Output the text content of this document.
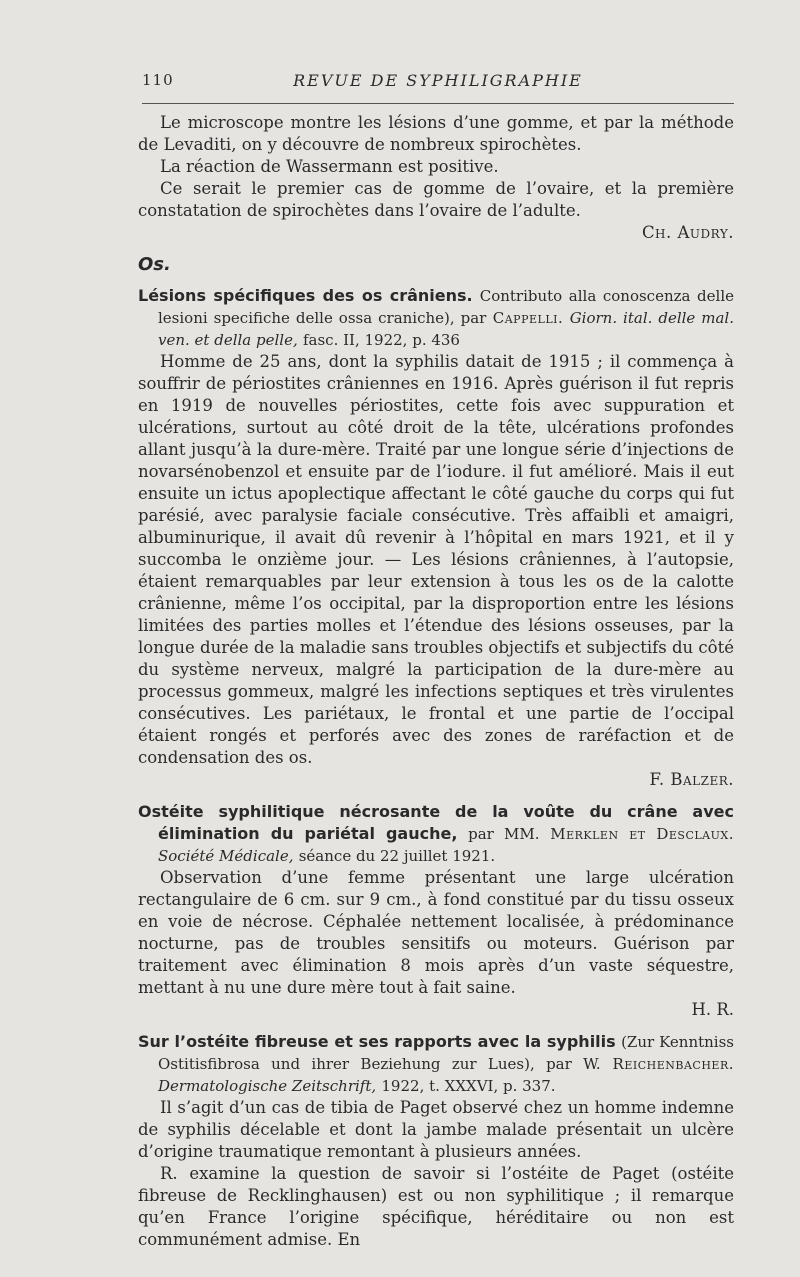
110	REVUE DE SYPHILIGRAPHIE

Le microscope montre les lésions d’une gomme, et par la méthode de Levaditi, on y découvre de nombreux spirochètes.

La réaction de Wassermann est positive.

Ce serait le premier cas de gomme de l’ovaire, et la première constatation de spirochètes dans l’ovaire de l’adulte.

Ch. Audry.

Os.

Lésions spécifiques des os crâniens. Contributo alla conoscenza delle lesioni specifiche delle ossa craniche), par Cappelli. Giorn. ital. delle mal. ven. et della pelle, fasc. II, 1922, p. 436

Homme de 25 ans, dont la syphilis datait de 1915 ; il commença à souffrir de périostites crâniennes en 1916. Après guérison il fut repris en 1919 de nouvelles périostites, cette fois avec suppuration et ulcérations, surtout au côté droit de la tête, ulcérations profondes allant jusqu’à la dure-mère. Traité par une longue série d’injections de novarsénobenzol et ensuite par de l’iodure. il fut amélioré. Mais il eut ensuite un ictus apoplectique affectant le côté gauche du corps qui fut parésié, avec paralysie faciale consécutive. Très affaibli et amaigri, albuminurique, il avait dû revenir à l’hôpital en mars 1921, et il y succomba le onzième jour. — Les lésions crâniennes, à l’autopsie, étaient remarquables par leur extension à tous les os de la calotte crânienne, même l’os occipital, par la disproportion entre les lésions limitées des parties molles et l’étendue des lésions osseuses, par la longue durée de la maladie sans troubles objectifs et subjectifs du côté du système nerveux, malgré la participation de la dure-mère au processus gommeux, malgré les infections septiques et très virulentes consécutives. Les pariétaux, le frontal et une partie de l’occipal étaient rongés et perforés avec des zones de raréfaction et de condensation des os.

F. Balzer.

Ostéite syphilitique nécrosante de la voûte du crâne avec élimination du pariétal gauche, par MM. Merklen et Desclaux. Société Médicale, séance du 22 juillet 1921.

Observation d’une femme présentant une large ulcération rectangulaire de 6 cm. sur 9 cm., à fond constitué par du tissu osseux en voie de nécrose. Céphalée nettement localisée, à prédominance nocturne, pas de troubles sensitifs ou moteurs. Guérison par traitement avec élimination 8 mois après d’un vaste séquestre, mettant à nu une dure mère tout à fait saine.

H. R.

Sur l’ostéite fibreuse et ses rapports avec la syphilis (Zur Kenntniss Ostitisfibrosa und ihrer Beziehung zur Lues), par W. Reichenbacher. Dermatologische Zeitschrift, 1922, t. XXXVI, p. 337.

Il s’agit d’un cas de tibia de Paget observé chez un homme indemne de syphilis décelable et dont la jambe malade présentait un ulcère d’origine traumatique remontant à plusieurs années.

R. examine la question de savoir si l’ostéite de Paget (ostéite fibreuse de Recklinghausen) est ou non syphilitique ; il remarque qu’en France l’origine spécifique, héréditaire ou non est communément admise. En
